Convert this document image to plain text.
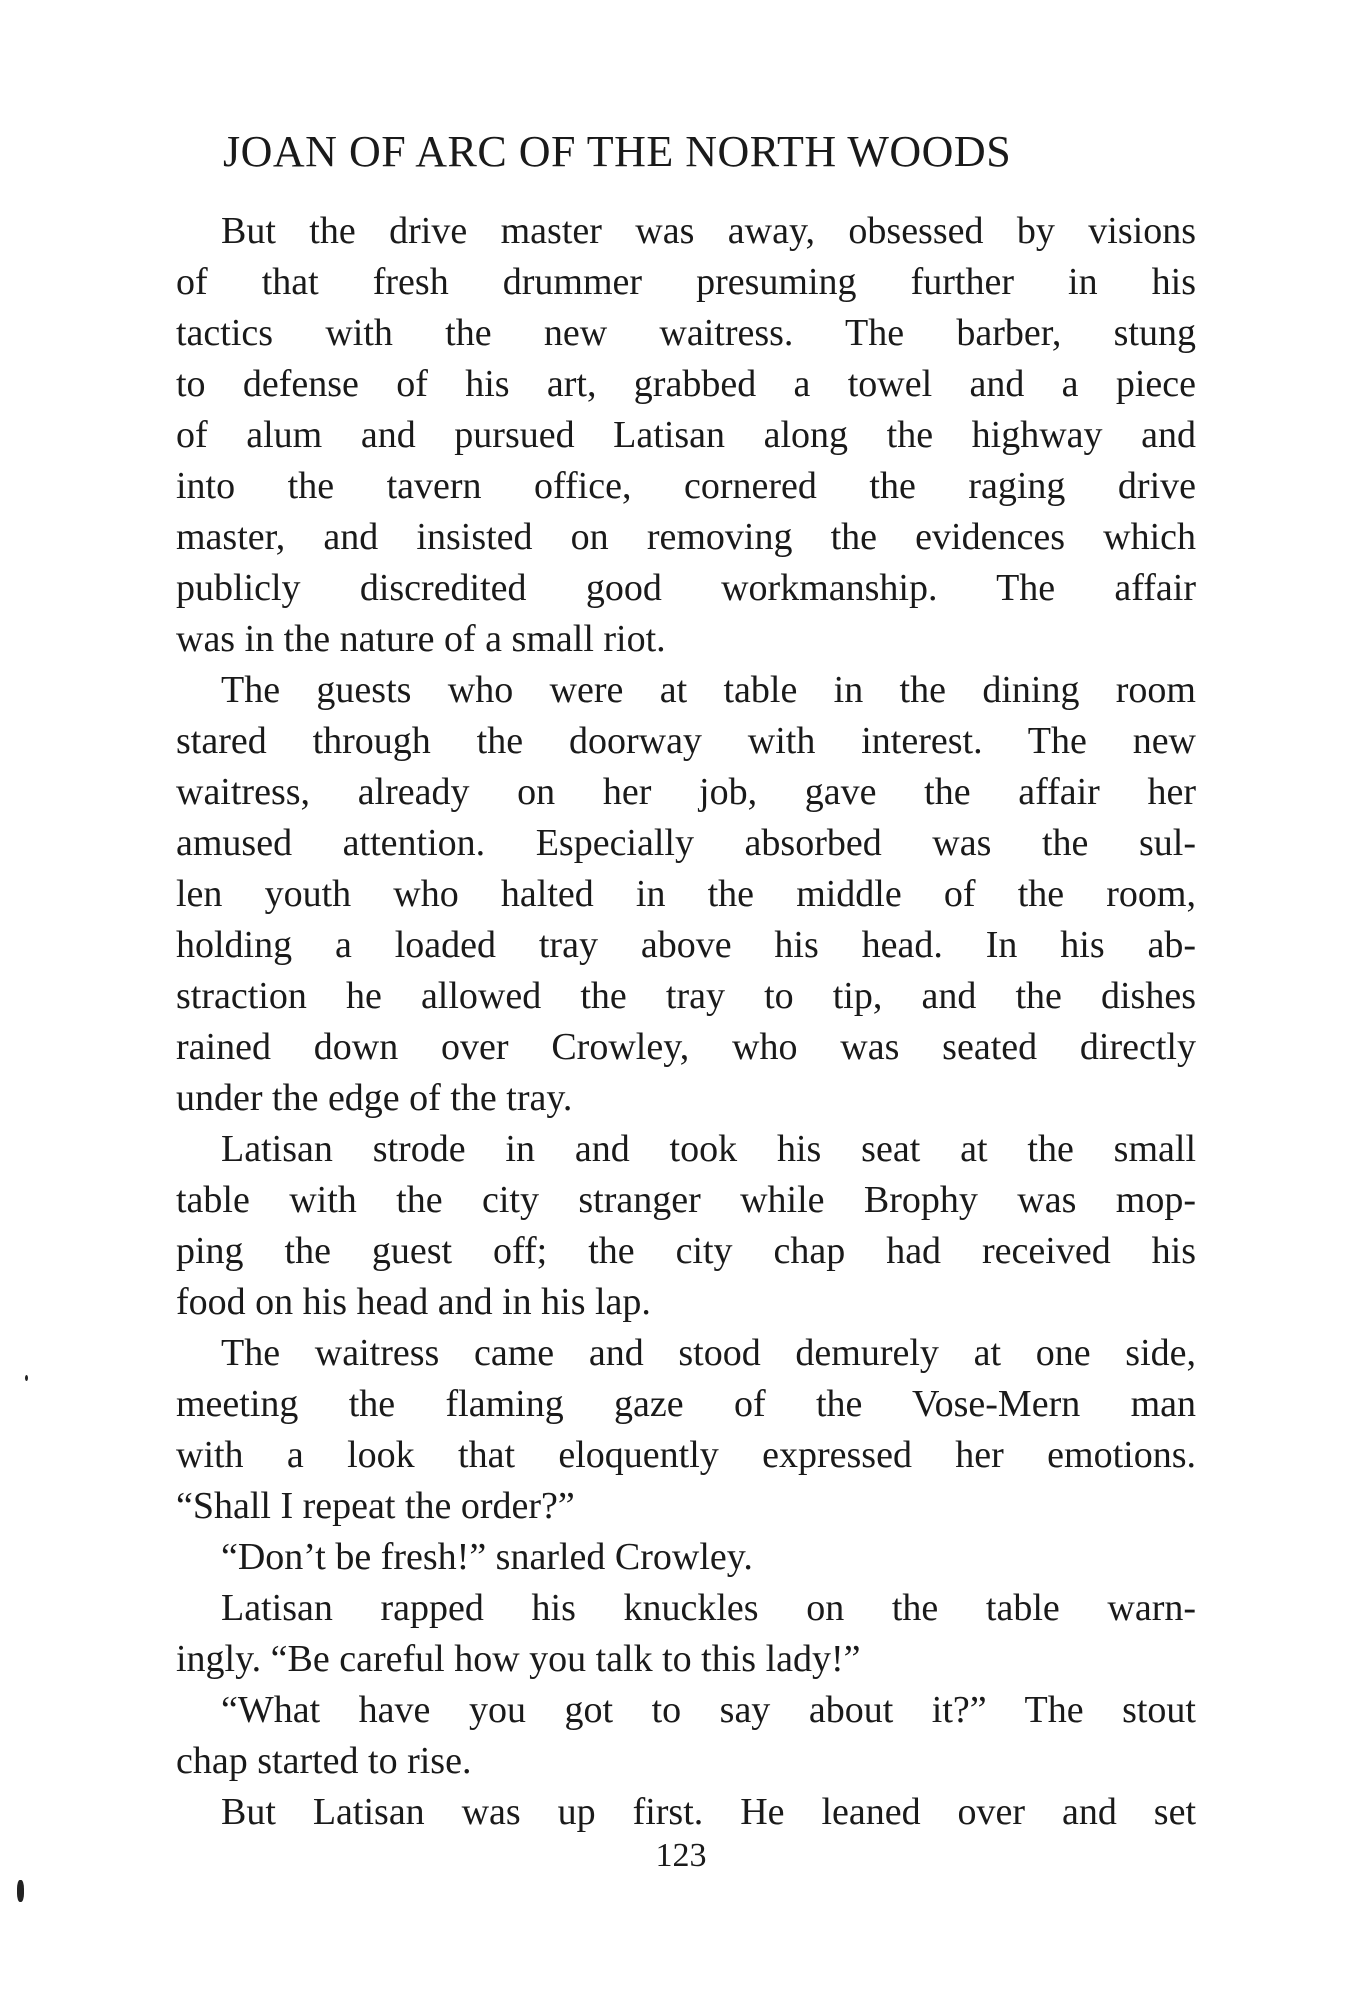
JOAN OF ARC OF THE NORTH WOODS
But the drive master was away, obsessed by visions
of that fresh drummer presuming further in his
tactics with the new waitress. The barber, stung
to defense of his art, grabbed a towel and a piece
of alum and pursued Latisan along the highway and
into the tavern office, cornered the raging drive
master, and insisted on removing the evidences which
publicly discredited good workmanship. The affair
was in the nature of a small riot.
The guests who were at table in the dining room
stared through the doorway with interest. The new
waitress, already on her job, gave the affair her
amused attention. Especially absorbed was the sul-
len youth who halted in the middle of the room,
holding a loaded tray above his head. In his ab-
straction he allowed the tray to tip, and the dishes
rained down over Crowley, who was seated directly
under the edge of the tray.
Latisan strode in and took his seat at the small
table with the city stranger while Brophy was mop-
ping the guest off; the city chap had received his
food on his head and in his lap.
The waitress came and stood demurely at one side,
meeting the flaming gaze of the Vose-Mern man
with a look that eloquently expressed her emotions.
“Shall I repeat the order?”
“Don’t be fresh!” snarled Crowley.
Latisan rapped his knuckles on the table warn-
ingly. “Be careful how you talk to this lady!”
“What have you got to say about it?” The stout
chap started to rise.
But Latisan was up first. He leaned over and set
123
